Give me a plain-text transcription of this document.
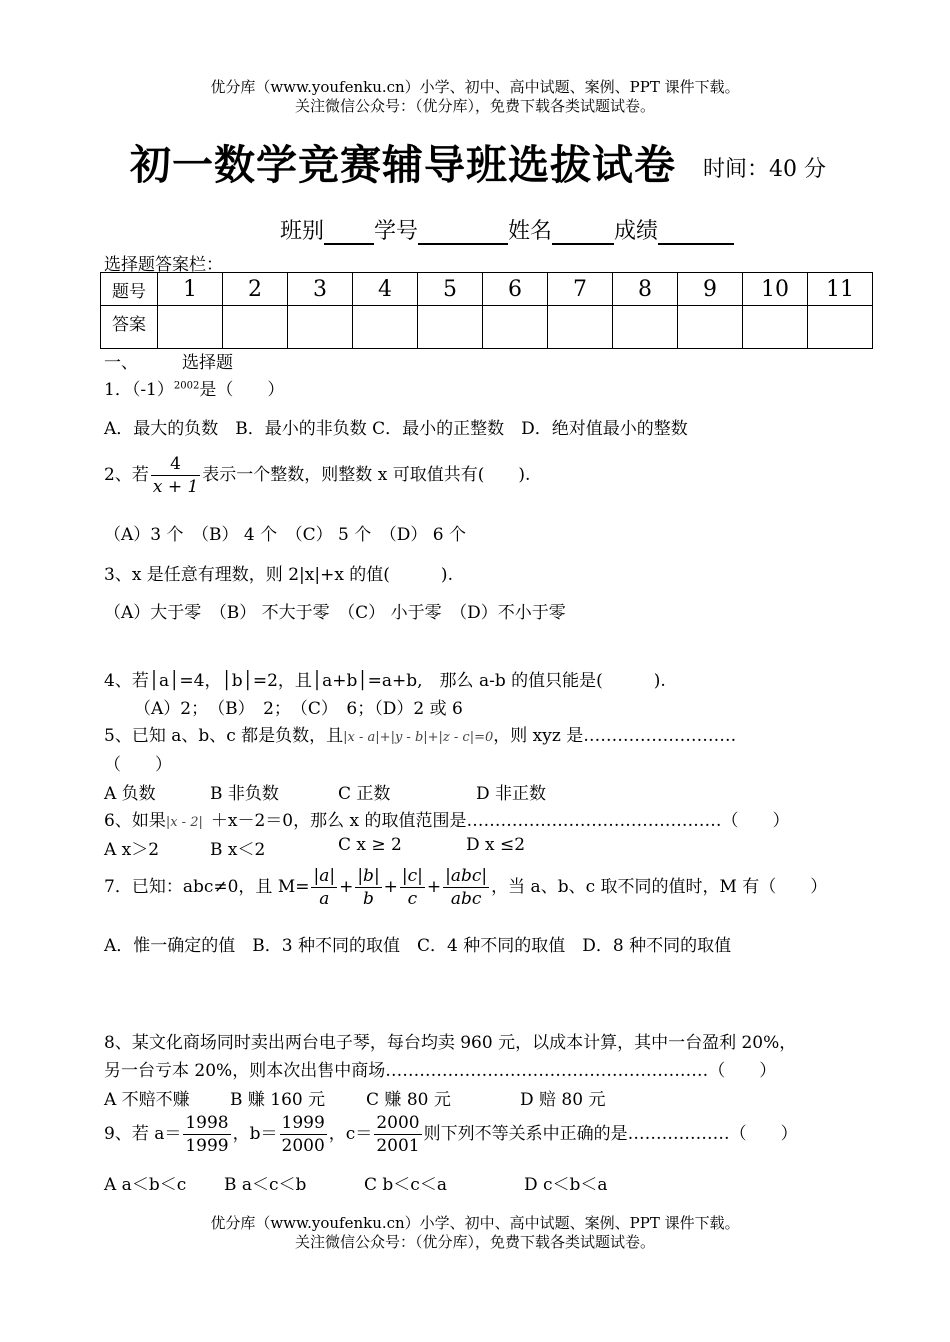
优分库（www.youfenku.cn）小学、初中、高中试题、案例、PPT 课件下载。
关注微信公众号：（优分库），免费下载各类试题试卷。
初一数学竞赛辅导班选拔试卷 时间：40 分
班别 学号	姓名	成绩
选择题答案栏：
题号	1	2	3	4	5	6	7	8	9	10	11
答案											
一、	选择题
1．$(-1)^{2002}$是（　　）
A．最大的负数　B．最小的非负数 C．最小的正整数　D．绝对值最小的整数
2、若 $\frac{4}{x + 1}$ 表示一个整数，则整数 x 可取值共有(　　).
（A）3 个　（B） 4 个　（C） 5 个　（D） 6 个
3、x 是任意有理数，则 2|x|+x 的值(　　　).
（A）大于零　（B） 不大于零　（C） 小于零　（D）不小于零
4、若│a│=4，│b│=2，且│a+b│=a+b,　那么 a-b 的值只能是(　　　).
（A）2；　（B）　2；　（C）　6；（D）2 或 6
5、已知 a、b、c 都是负数，且|x - a|+|y - b|+|z - c|=0，则 xyz 是………………………
（　　）
A 负数	B 非负数	C 正数	D 非正数
6、如果|x - 2| ＋x－2＝0，那么 x 的取值范围是………………………………………（　　）
A x＞2	B x＜2	C x ≥ 2	D x ≤2
7．已知：abc≠0，且 $M= \frac{|a|}{a} + \frac{|b|}{b} + \frac{|c|}{c} + \frac{\text{|abc|}}{\text{abc}}$ ，当 a、b、c 取不同的值时，M 有（　　）
A．惟一确定的值　B．3 种不同的取值　C．4 种不同的取值　D．8 种不同的取值
8、某文化商场同时卖出两台电子琴，每台均卖 960 元，以成本计算，其中一台盈利 20%，
另一台亏本 20%，则本次出售中商场…………………………………………………（　　）
A 不赔不赚 B 赚 160 元 C 赚 80 元	D 赔 80 元
9、若 $a= \frac{1998}{1999}$ ，$b= \frac{1999}{2000}$ ，$c= \frac{2000}{2001}$ 则下列不等关系中正确的是………………（　　）
A a＜b＜c B a＜c＜b	C b＜c＜a	D c＜b＜a
优分库（www.youfenku.cn）小学、初中、高中试题、案例、PPT 课件下载。
关注微信公众号：（优分库），免费下载各类试题试卷。
